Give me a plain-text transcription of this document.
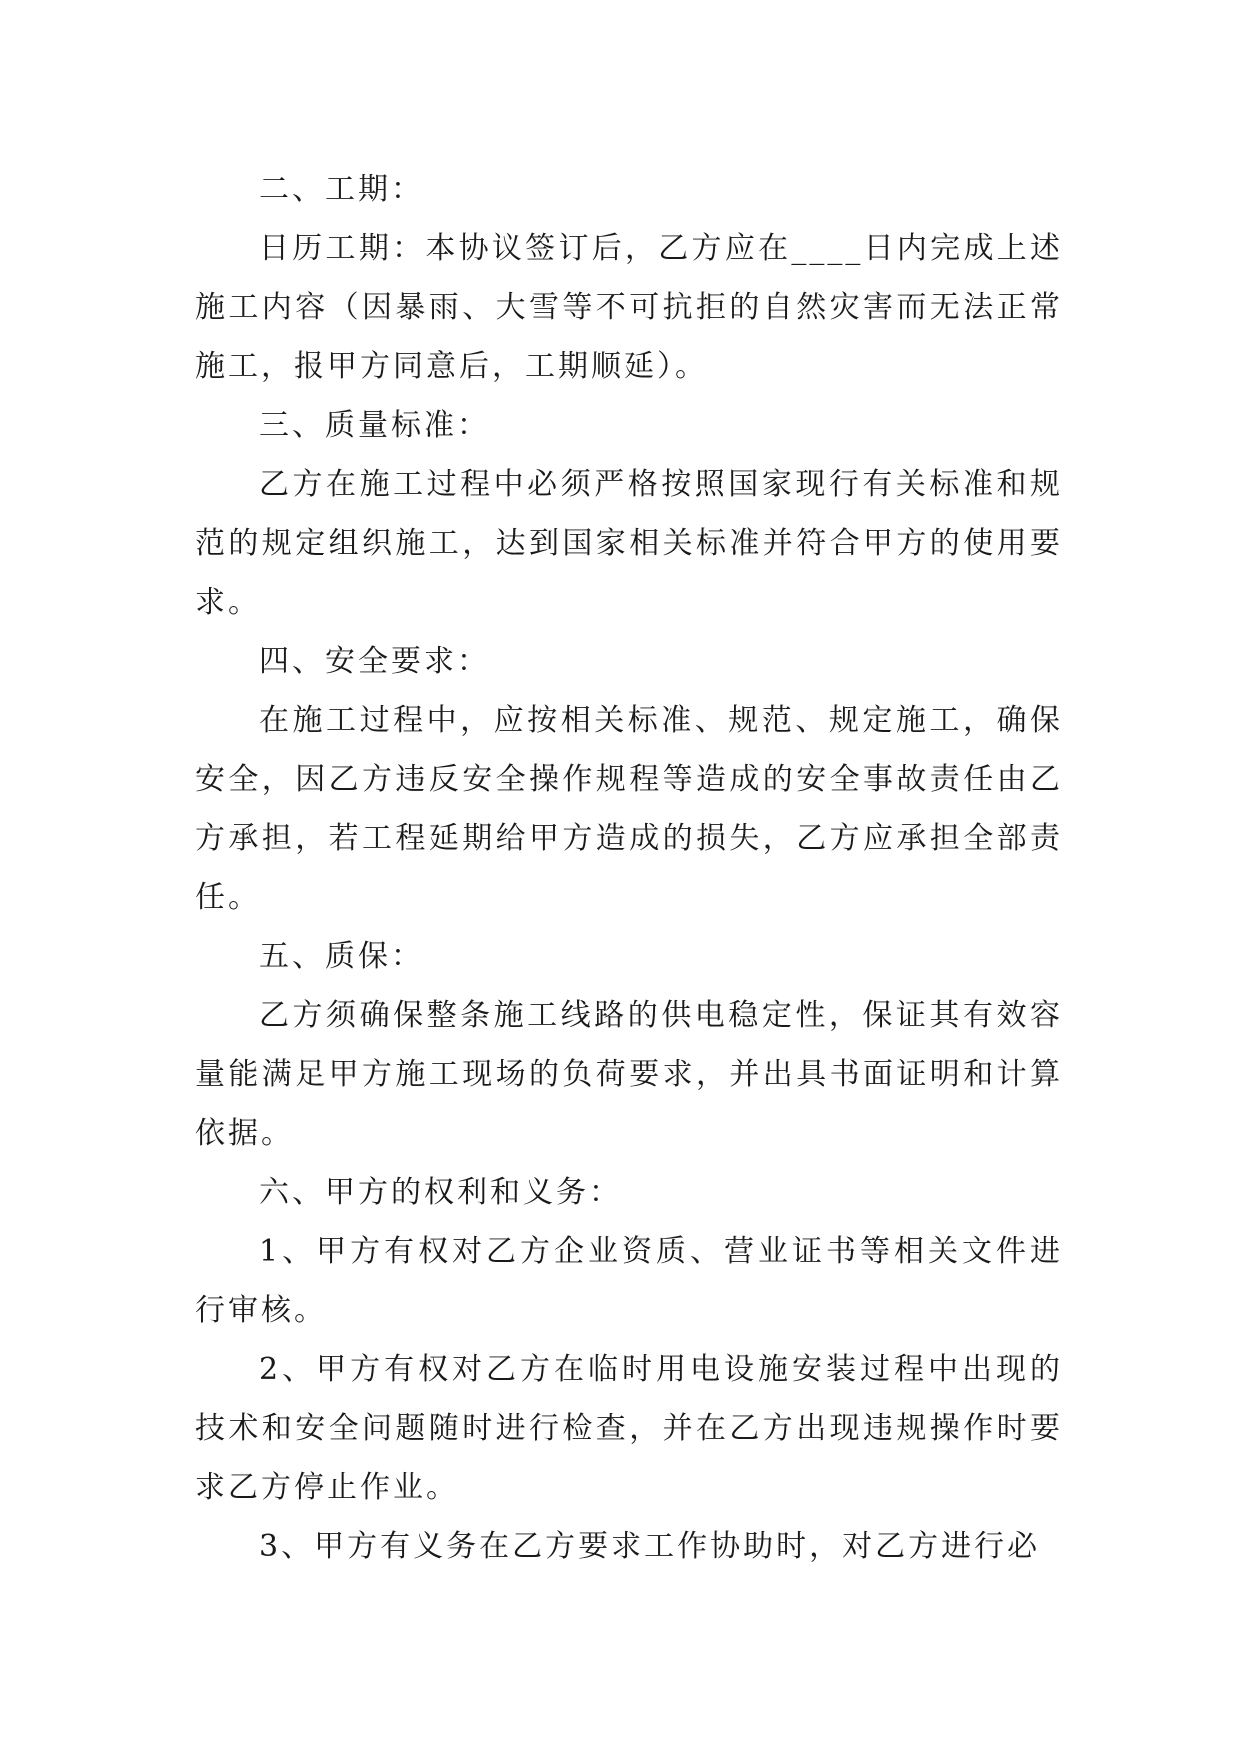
二、工期：

日历工期：本协议签订后，乙方应在____日内完成上述施工内容（因暴雨、大雪等不可抗拒的自然灾害而无法正常施工，报甲方同意后，工期顺延）。

三、质量标准：

乙方在施工过程中必须严格按照国家现行有关标准和规范的规定组织施工，达到国家相关标准并符合甲方的使用要求。

四、安全要求：

在施工过程中，应按相关标准、规范、规定施工，确保安全，因乙方违反安全操作规程等造成的安全事故责任由乙方承担，若工程延期给甲方造成的损失，乙方应承担全部责任。

五、质保：

乙方须确保整条施工线路的供电稳定性，保证其有效容量能满足甲方施工现场的负荷要求，并出具书面证明和计算依据。

六、甲方的权利和义务：

1、甲方有权对乙方企业资质、营业证书等相关文件进行审核。

2、甲方有权对乙方在临时用电设施安装过程中出现的技术和安全问题随时进行检查，并在乙方出现违规操作时要求乙方停止作业。

3、甲方有义务在乙方要求工作协助时，对乙方进行必
